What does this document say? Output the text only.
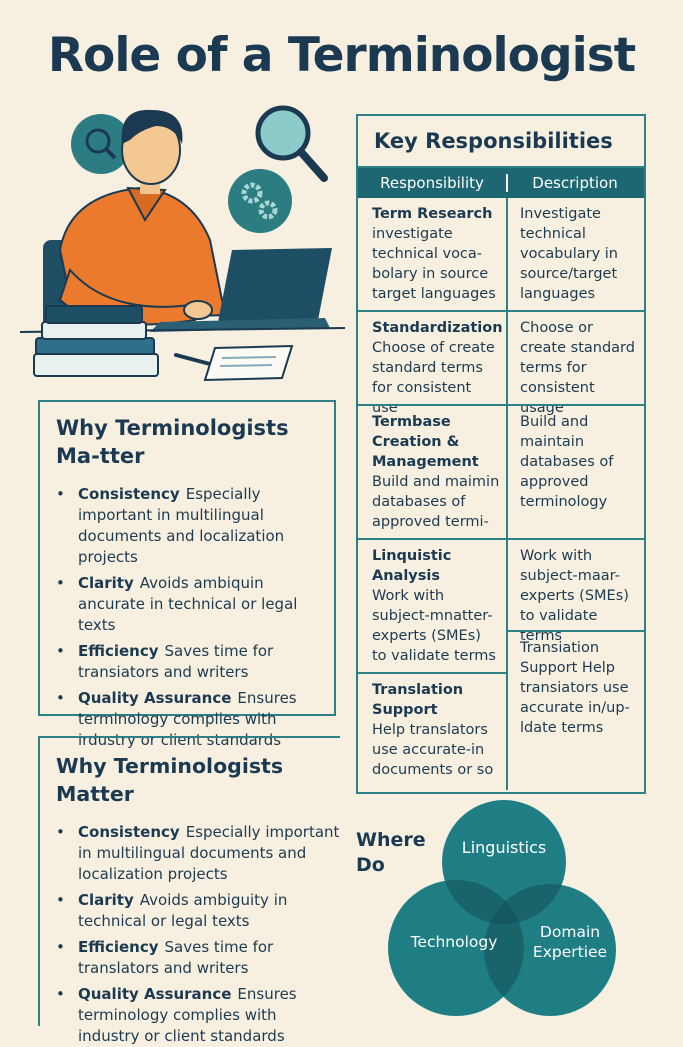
Role of a Terminologist
Key Responsibilities
Responsibility	Description
Term Research
investigate technical voca-bolary in source target languages
Standardization
Choose of create standard terms for consistent use
Termbase Creation & Management
Build and maimin databases of approved termi-
Linquistic Analysis
Work with subject-mnatter-experts (SMEs) to validate terms
Translation Support
Help translators use accurate-in documents or so
Investigate technical vocabulary in source/target languages
Choose or create standard terms for consistent usage
Build and maintain databases of approved terminology
Work with subject-maar-experts (SMEs) to validate terms
Transiation Support Help transiators use accurate in/up-ldate terms
Why Terminologists Ma-tter
• Consistency Especially important in multilingual documents and localization projects
• Clarity Avoids ambiquin ancurate in technical or legal texts
• Efficiency Saves time for transiators and writers
• Quality Assurance Ensures terminology complies with irdustry or client standards
Why Terminologists Matter
• Consistency Especially important in multilingual documents and localization projects
• Clarity Avoids ambiguity in technical or legal texts
• Efficiency Saves time for translators and writers
• Quality Assurance Ensures terminology complies with industry or client standards
Where Do
Linguistics
Technology
Domain Expertiee
